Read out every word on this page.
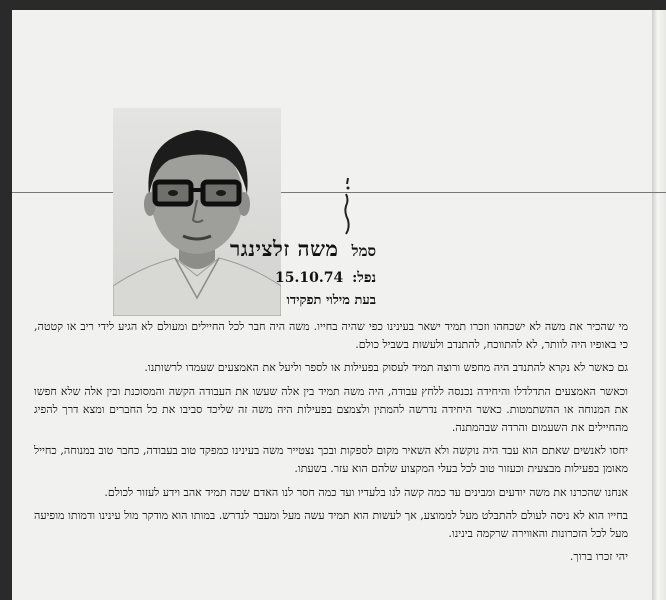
סמל משה זלצינגר
נפל: 15.10.74
בעת מילוי תפקידו

מי שהכיר את משה לא ישכחהו וזכרו תמיד ישאר בעינינו כפי שהיה בחייו. משה היה חבר לכל החיילים ומעולם לא הגיע לידי ריב או קטטה, כי באופיו היה לוותר, לא להתווכח, להתנדב ולעשות בשביל כולם.

גם כאשר לא נקרא להתנדב היה מחפש ורוצה תמיד לעסוק בפעילות או לספר וליעל את האמצעים שעמדו לרשותנו.

וכאשר האמצעים התדלדלו והיחידה נכנסה ללחץ עבודה, היה משה תמיד בין אלה שעשו את העבודה הקשה והמסוכנת ובין אלה שלא חפשו את המנוחה או ההשתמטות. כאשר היחידה נדרשה להמתין ולצמצם בפעילות היה משה זה שליכד סביבו את כל החברים ומצא דרך להפיג מהחיילים את השעמום והרדה שבהמתנה.

יחסו לאנשים שאתם הוא עבד היה נוקשה ולא השאיר מקום לספקות ובכך נצטייר משה בעינינו כמפקד טוב בעבודה, כחבר טוב במנוחה, כחייל מאומן בפעילות מבצעית וכעזור טוב לכל בעלי המקצוע שלהם הוא עזר. בשעתו.

אנחנו שהכרנו את משה יודעים ומבינים עד כמה קשה לנו בלעדיו ועד כמה חסר לנו האדם שכה תמיד אהב וידע לעזור לכולם.

בחייו הוא לא ניסה לעולם להתבלט מעל לממוצע, אך לעשות הוא תמיד עשה מעל ומעבר לנדרש. במותו הוא מודקר מול עינינו ודמותו מופיעה מעל לכל הזכרונות והאווירה שרקמה בינינו.

יהי זכרו ברוך.
